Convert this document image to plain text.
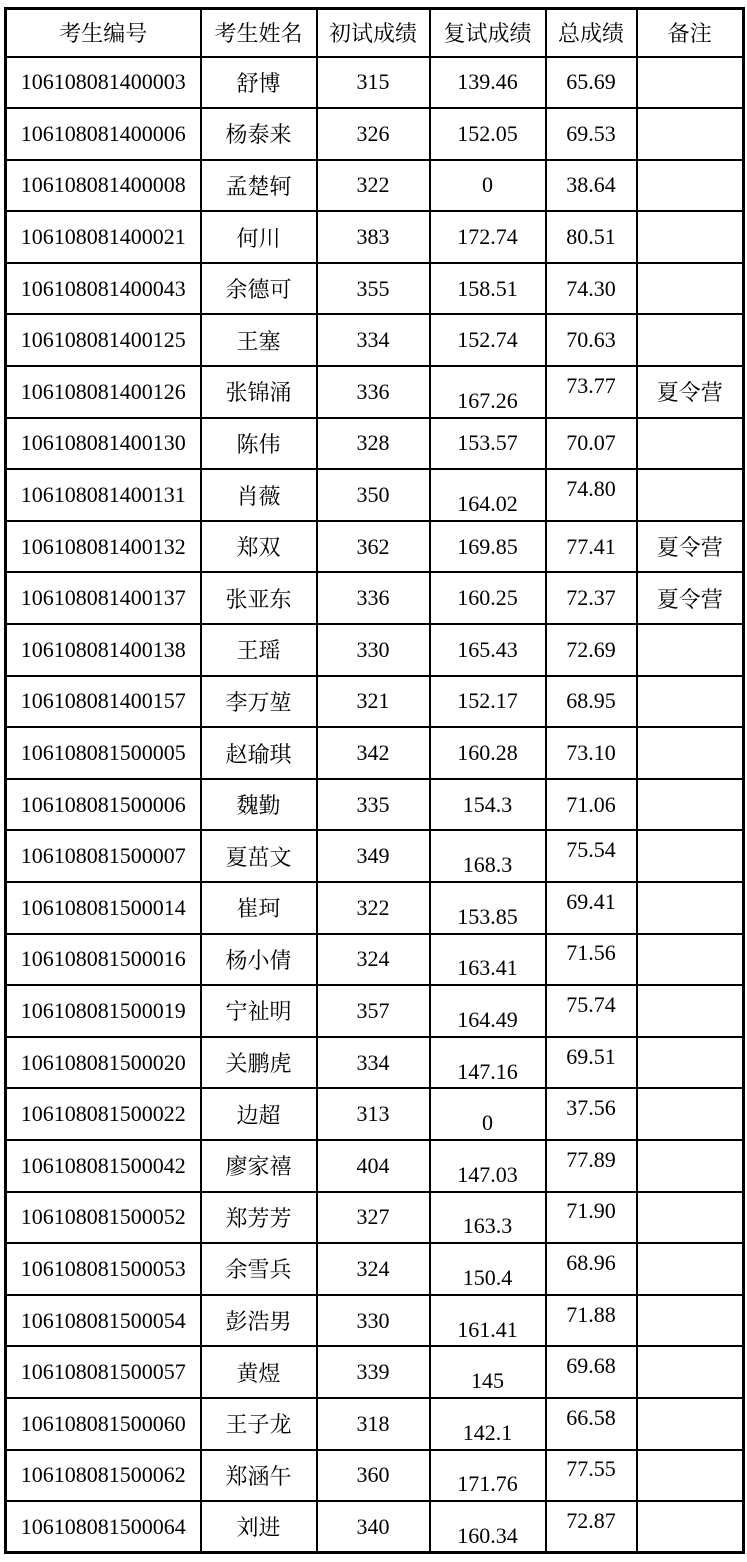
考生编号	考生姓名	初试成绩	复试成绩	总成绩	备注
106108081400003	舒博	315	139.46	65.69	
106108081400006	杨泰来	326	152.05	69.53	
106108081400008	孟楚轲	322	0	38.64	
106108081400021	何川	383	172.74	80.51	
106108081400043	余德可	355	158.51	74.30	
106108081400125	王塞	334	152.74	70.63	
106108081400126	张锦涌	336	167.26	73.77	夏令营
106108081400130	陈伟	328	153.57	70.07	
106108081400131	肖薇	350	164.02	74.80	
106108081400132	郑双	362	169.85	77.41	夏令营
106108081400137	张亚东	336	160.25	72.37	夏令营
106108081400138	王瑶	330	165.43	72.69	
106108081400157	李万堃	321	152.17	68.95	
106108081500005	赵瑜琪	342	160.28	73.10	
106108081500006	魏勤	335	154.3	71.06	
106108081500007	夏茁文	349	168.3	75.54	
106108081500014	崔珂	322	153.85	69.41	
106108081500016	杨小倩	324	163.41	71.56	
106108081500019	宁祉明	357	164.49	75.74	
106108081500020	关鹏虎	334	147.16	69.51	
106108081500022	边超	313	0	37.56	
106108081500042	廖家禧	404	147.03	77.89	
106108081500052	郑芳芳	327	163.3	71.90	
106108081500053	余雪兵	324	150.4	68.96	
106108081500054	彭浩男	330	161.41	71.88	
106108081500057	黄煜	339	145	69.68	
106108081500060	王子龙	318	142.1	66.58	
106108081500062	郑涵午	360	171.76	77.55	
106108081500064	刘进	340	160.34	72.87	
